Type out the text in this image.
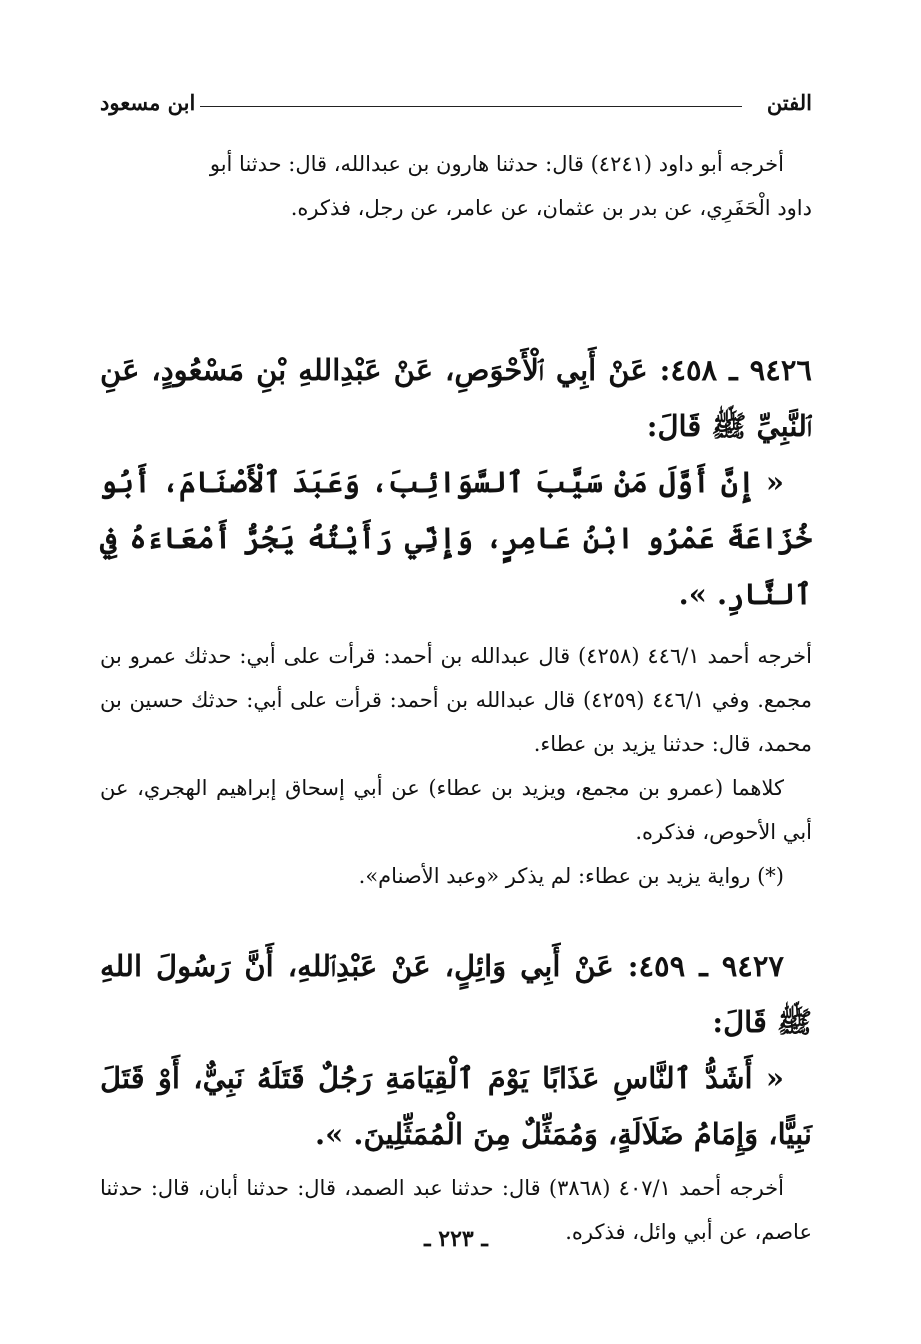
الفتن
ابن مسعود

أخرجه أبو داود (٤٢٤١) قال: حدثنا هارون بن عبدالله، قال: حدثنا أبو

داود الْحَفَرِي، عن بدر بن عثمان، عن عامر، عن رجل، فذكره.

٩٤٢٦ ـ ٤٥٨: عَنْ أَبِي ٱلْأَحْوَصِ، عَنْ عَبْدِاللهِ بْنِ مَسْعُودٍ، عَنِ ٱلنَّبِيِّ ﷺ قَالَ:

« إِنَّ أَوَّلَ مَنْ سَيَّبَ ٱلسَّوَائِبَ، وَعَبَدَ ٱلْأَصْنَامَ، أَبُو خُزَاعَةَ عَمْرُو ابْنُ عَامِرٍ، وَإِنِّي رَأَيْتُهُ يَجُرُّ أَمْعَاءَهُ فِي ٱلنَّارِ. ».

أخرجه أحمد ٤٤٦/١ (٤٢٥٨) قال عبدالله بن أحمد: قرأت على أبي: حدثك عمرو بن مجمع. وفي ٤٤٦/١ (٤٢٥٩) قال عبدالله بن أحمد: قرأت على أبي: حدثك حسين بن محمد، قال: حدثنا يزيد بن عطاء.

كلاهما (عمرو بن مجمع، ويزيد بن عطاء) عن أبي إسحاق إبراهيم الهجري، عن أبي الأحوص، فذكره.

(*) رواية يزيد بن عطاء: لم يذكر «وعبد الأصنام».

٩٤٢٧ ـ ٤٥٩: عَنْ أَبِي وَائِلٍ، عَنْ عَبْدِٱللهِ، أَنَّ رَسُولَ اللهِ ﷺ قَالَ:

« أَشَدُّ ٱلنَّاسِ عَذَابًا يَوْمَ ٱلْقِيَامَةِ رَجُلٌ قَتَلَهُ نَبِيٌّ، أَوْ قَتَلَ نَبِيًّا، وَإِمَامُ ضَلَالَةٍ، وَمُمَثِّلٌ مِنَ الْمُمَثِّلِينَ. ».

أخرجه أحمد ٤٠٧/١ (٣٨٦٨) قال: حدثنا عبد الصمد، قال: حدثنا أبان، قال: حدثنا عاصم، عن أبي وائل، فذكره.

ـ ٢٢٣ ـ
